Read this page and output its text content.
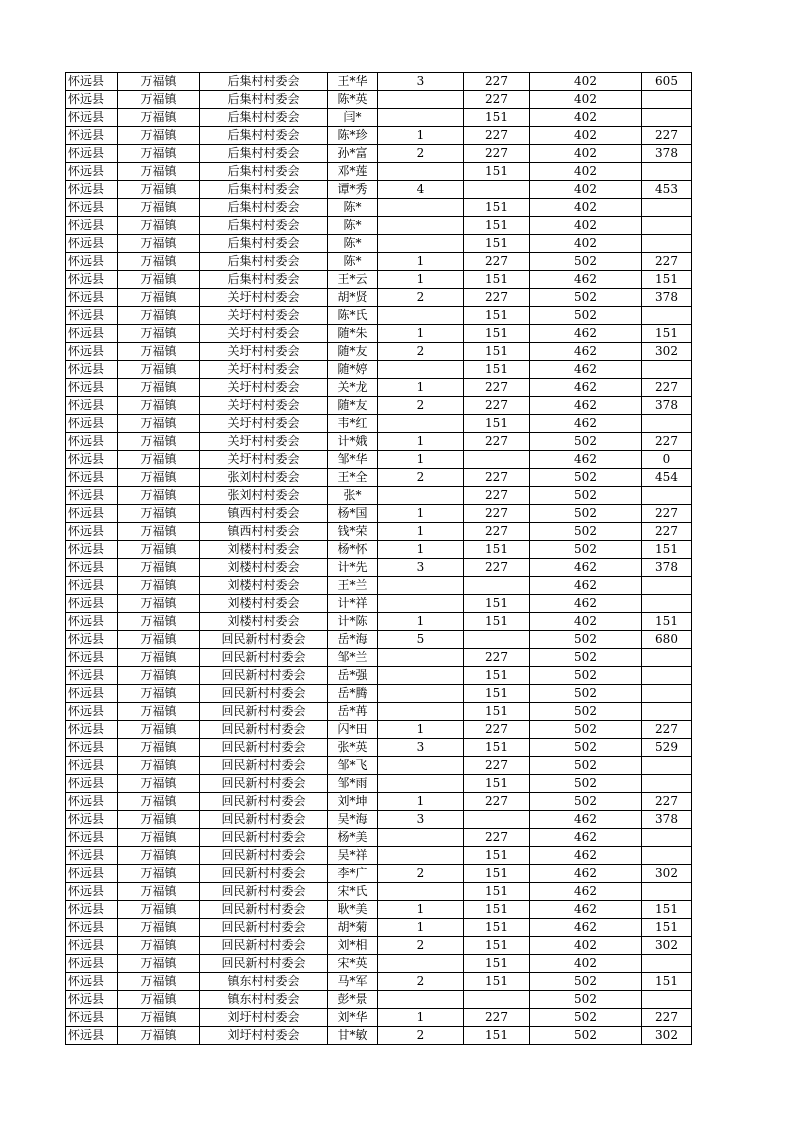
怀远县	万福镇	后集村村委会	王*华	3	227	402	605
怀远县	万福镇	后集村村委会	陈*英		227	402	
怀远县	万福镇	后集村村委会	闫*		151	402	
怀远县	万福镇	后集村村委会	陈*珍	1	227	402	227
怀远县	万福镇	后集村村委会	孙*富	2	227	402	378
怀远县	万福镇	后集村村委会	邓*莲		151	402	
怀远县	万福镇	后集村村委会	谭*秀	4		402	453
怀远县	万福镇	后集村村委会	陈*		151	402	
怀远县	万福镇	后集村村委会	陈*		151	402	
怀远县	万福镇	后集村村委会	陈*		151	402	
怀远县	万福镇	后集村村委会	陈*	1	227	502	227
怀远县	万福镇	后集村村委会	王*云	1	151	462	151
怀远县	万福镇	关圩村村委会	胡*贤	2	227	502	378
怀远县	万福镇	关圩村村委会	陈*氏		151	502	
怀远县	万福镇	关圩村村委会	随*朱	1	151	462	151
怀远县	万福镇	关圩村村委会	随*友	2	151	462	302
怀远县	万福镇	关圩村村委会	随*婷		151	462	
怀远县	万福镇	关圩村村委会	关*龙	1	227	462	227
怀远县	万福镇	关圩村村委会	随*友	2	227	462	378
怀远县	万福镇	关圩村村委会	韦*红		151	462	
怀远县	万福镇	关圩村村委会	计*娥	1	227	502	227
怀远县	万福镇	关圩村村委会	邹*华	1		462	0
怀远县	万福镇	张刘村村委会	王*全	2	227	502	454
怀远县	万福镇	张刘村村委会	张*		227	502	
怀远县	万福镇	镇西村村委会	杨*国	1	227	502	227
怀远县	万福镇	镇西村村委会	钱*荣	1	227	502	227
怀远县	万福镇	刘楼村村委会	杨*怀	1	151	502	151
怀远县	万福镇	刘楼村村委会	计*先	3	227	462	378
怀远县	万福镇	刘楼村村委会	王*兰			462	
怀远县	万福镇	刘楼村村委会	计*祥		151	462	
怀远县	万福镇	刘楼村村委会	计*陈	1	151	402	151
怀远县	万福镇	回民新村村委会	岳*海	5		502	680
怀远县	万福镇	回民新村村委会	邹*兰		227	502	
怀远县	万福镇	回民新村村委会	岳*强		151	502	
怀远县	万福镇	回民新村村委会	岳*腾		151	502	
怀远县	万福镇	回民新村村委会	岳*苒		151	502	
怀远县	万福镇	回民新村村委会	闪*田	1	227	502	227
怀远县	万福镇	回民新村村委会	张*英	3	151	502	529
怀远县	万福镇	回民新村村委会	邹*飞		227	502	
怀远县	万福镇	回民新村村委会	邹*雨		151	502	
怀远县	万福镇	回民新村村委会	刘*坤	1	227	502	227
怀远县	万福镇	回民新村村委会	吴*海	3		462	378
怀远县	万福镇	回民新村村委会	杨*美		227	462	
怀远县	万福镇	回民新村村委会	吴*祥		151	462	
怀远县	万福镇	回民新村村委会	李*广	2	151	462	302
怀远县	万福镇	回民新村村委会	宋*氏		151	462	
怀远县	万福镇	回民新村村委会	耿*美	1	151	462	151
怀远县	万福镇	回民新村村委会	胡*菊	1	151	462	151
怀远县	万福镇	回民新村村委会	刘*相	2	151	402	302
怀远县	万福镇	回民新村村委会	宋*英		151	402	
怀远县	万福镇	镇东村村委会	马*军	2	151	502	151
怀远县	万福镇	镇东村村委会	彭*景			502	
怀远县	万福镇	刘圩村村委会	刘*华	1	227	502	227
怀远县	万福镇	刘圩村村委会	甘*敏	2	151	502	302
